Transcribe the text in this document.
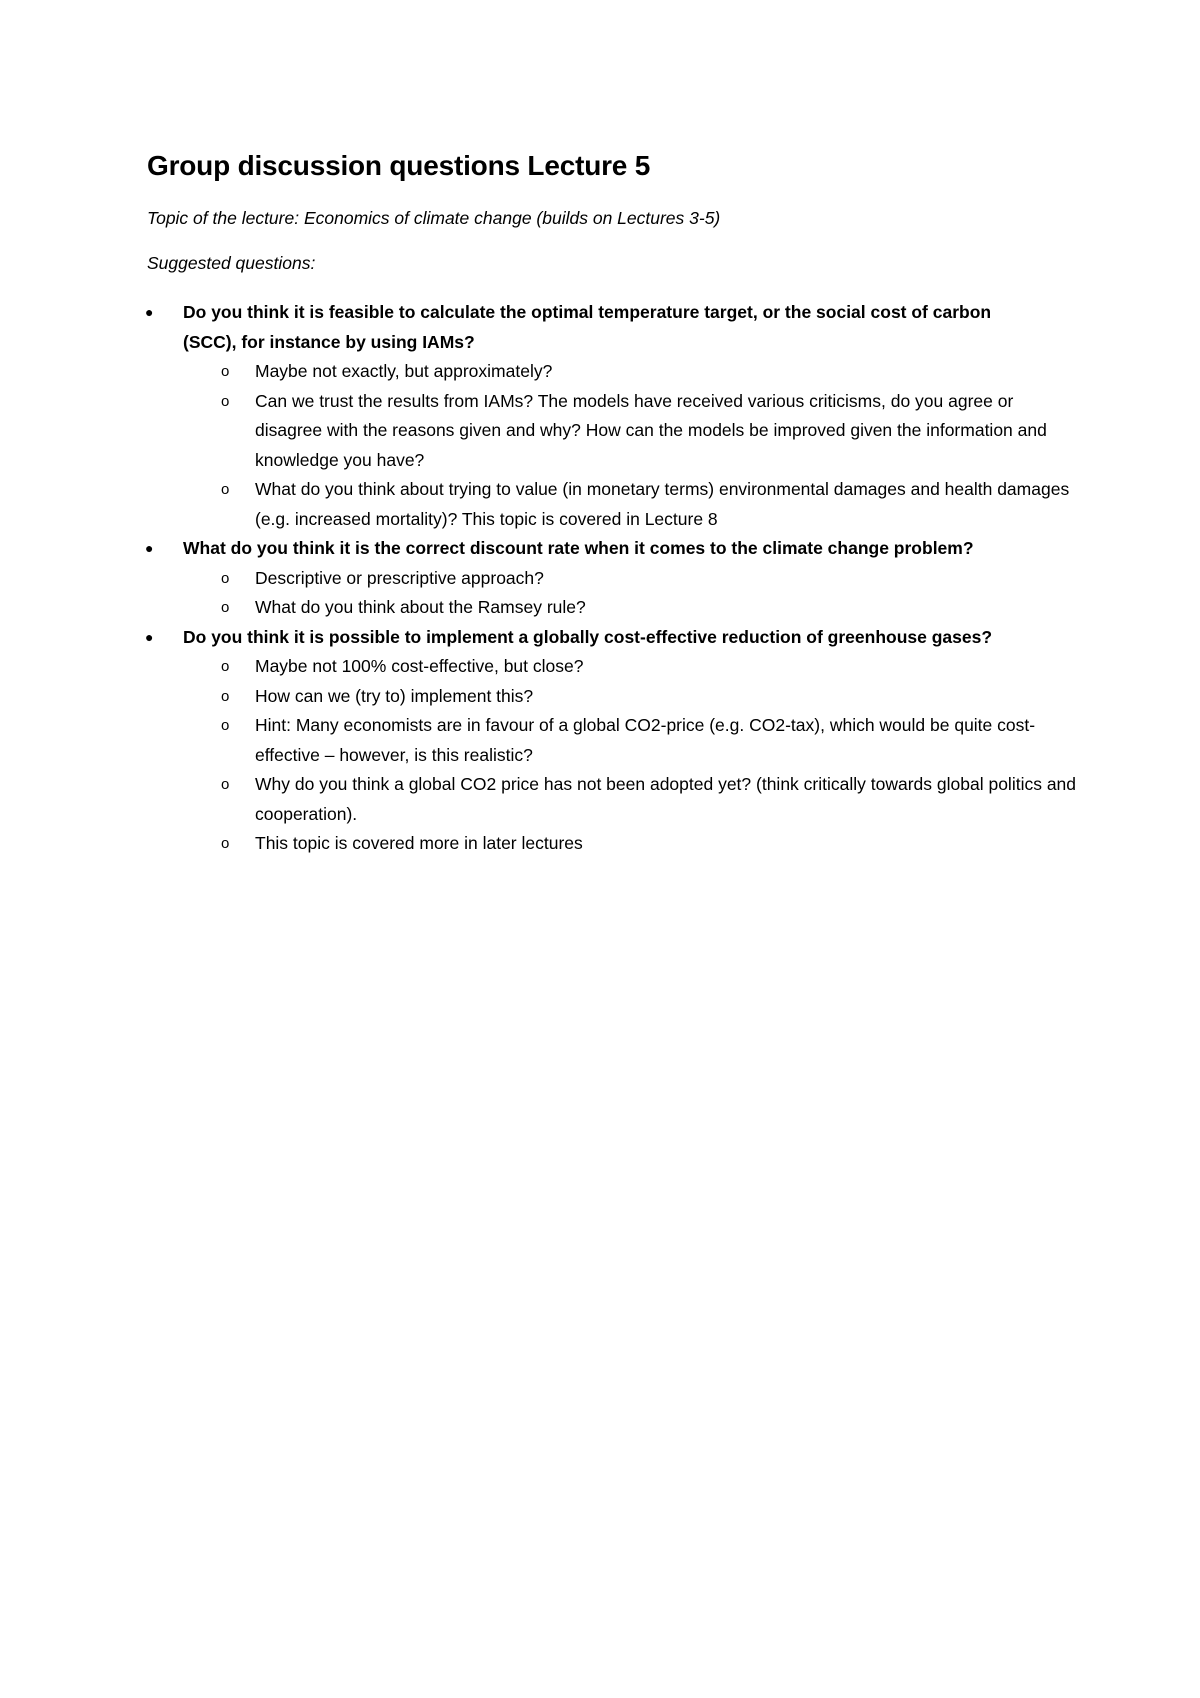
Group discussion questions Lecture 5

Topic of the lecture: Economics of climate change (builds on Lectures 3-5)

Suggested questions:

● Do you think it is feasible to calculate the optimal temperature target, or the social cost of carbon (SCC), for instance by using IAMs?
o	Maybe not exactly, but approximately?
o	Can we trust the results from IAMs? The models have received various criticisms, do you agree or disagree with the reasons given and why? How can the models be improved given the information and knowledge you have?
o	What do you think about trying to value (in monetary terms) environmental damages and health damages (e.g. increased mortality)? This topic is covered in Lecture 8
● What do you think it is the correct discount rate when it comes to the climate change problem?
o	Descriptive or prescriptive approach?
o	What do you think about the Ramsey rule?
● Do you think it is possible to implement a globally cost-effective reduction of greenhouse gases?
o	Maybe not 100% cost-effective, but close?
o	How can we (try to) implement this?
o	Hint: Many economists are in favour of a global CO2-price (e.g. CO2-tax), which would be quite cost-effective – however, is this realistic?
o	Why do you think a global CO2 price has not been adopted yet? (think critically towards global politics and cooperation).
o	This topic is covered more in later lectures
